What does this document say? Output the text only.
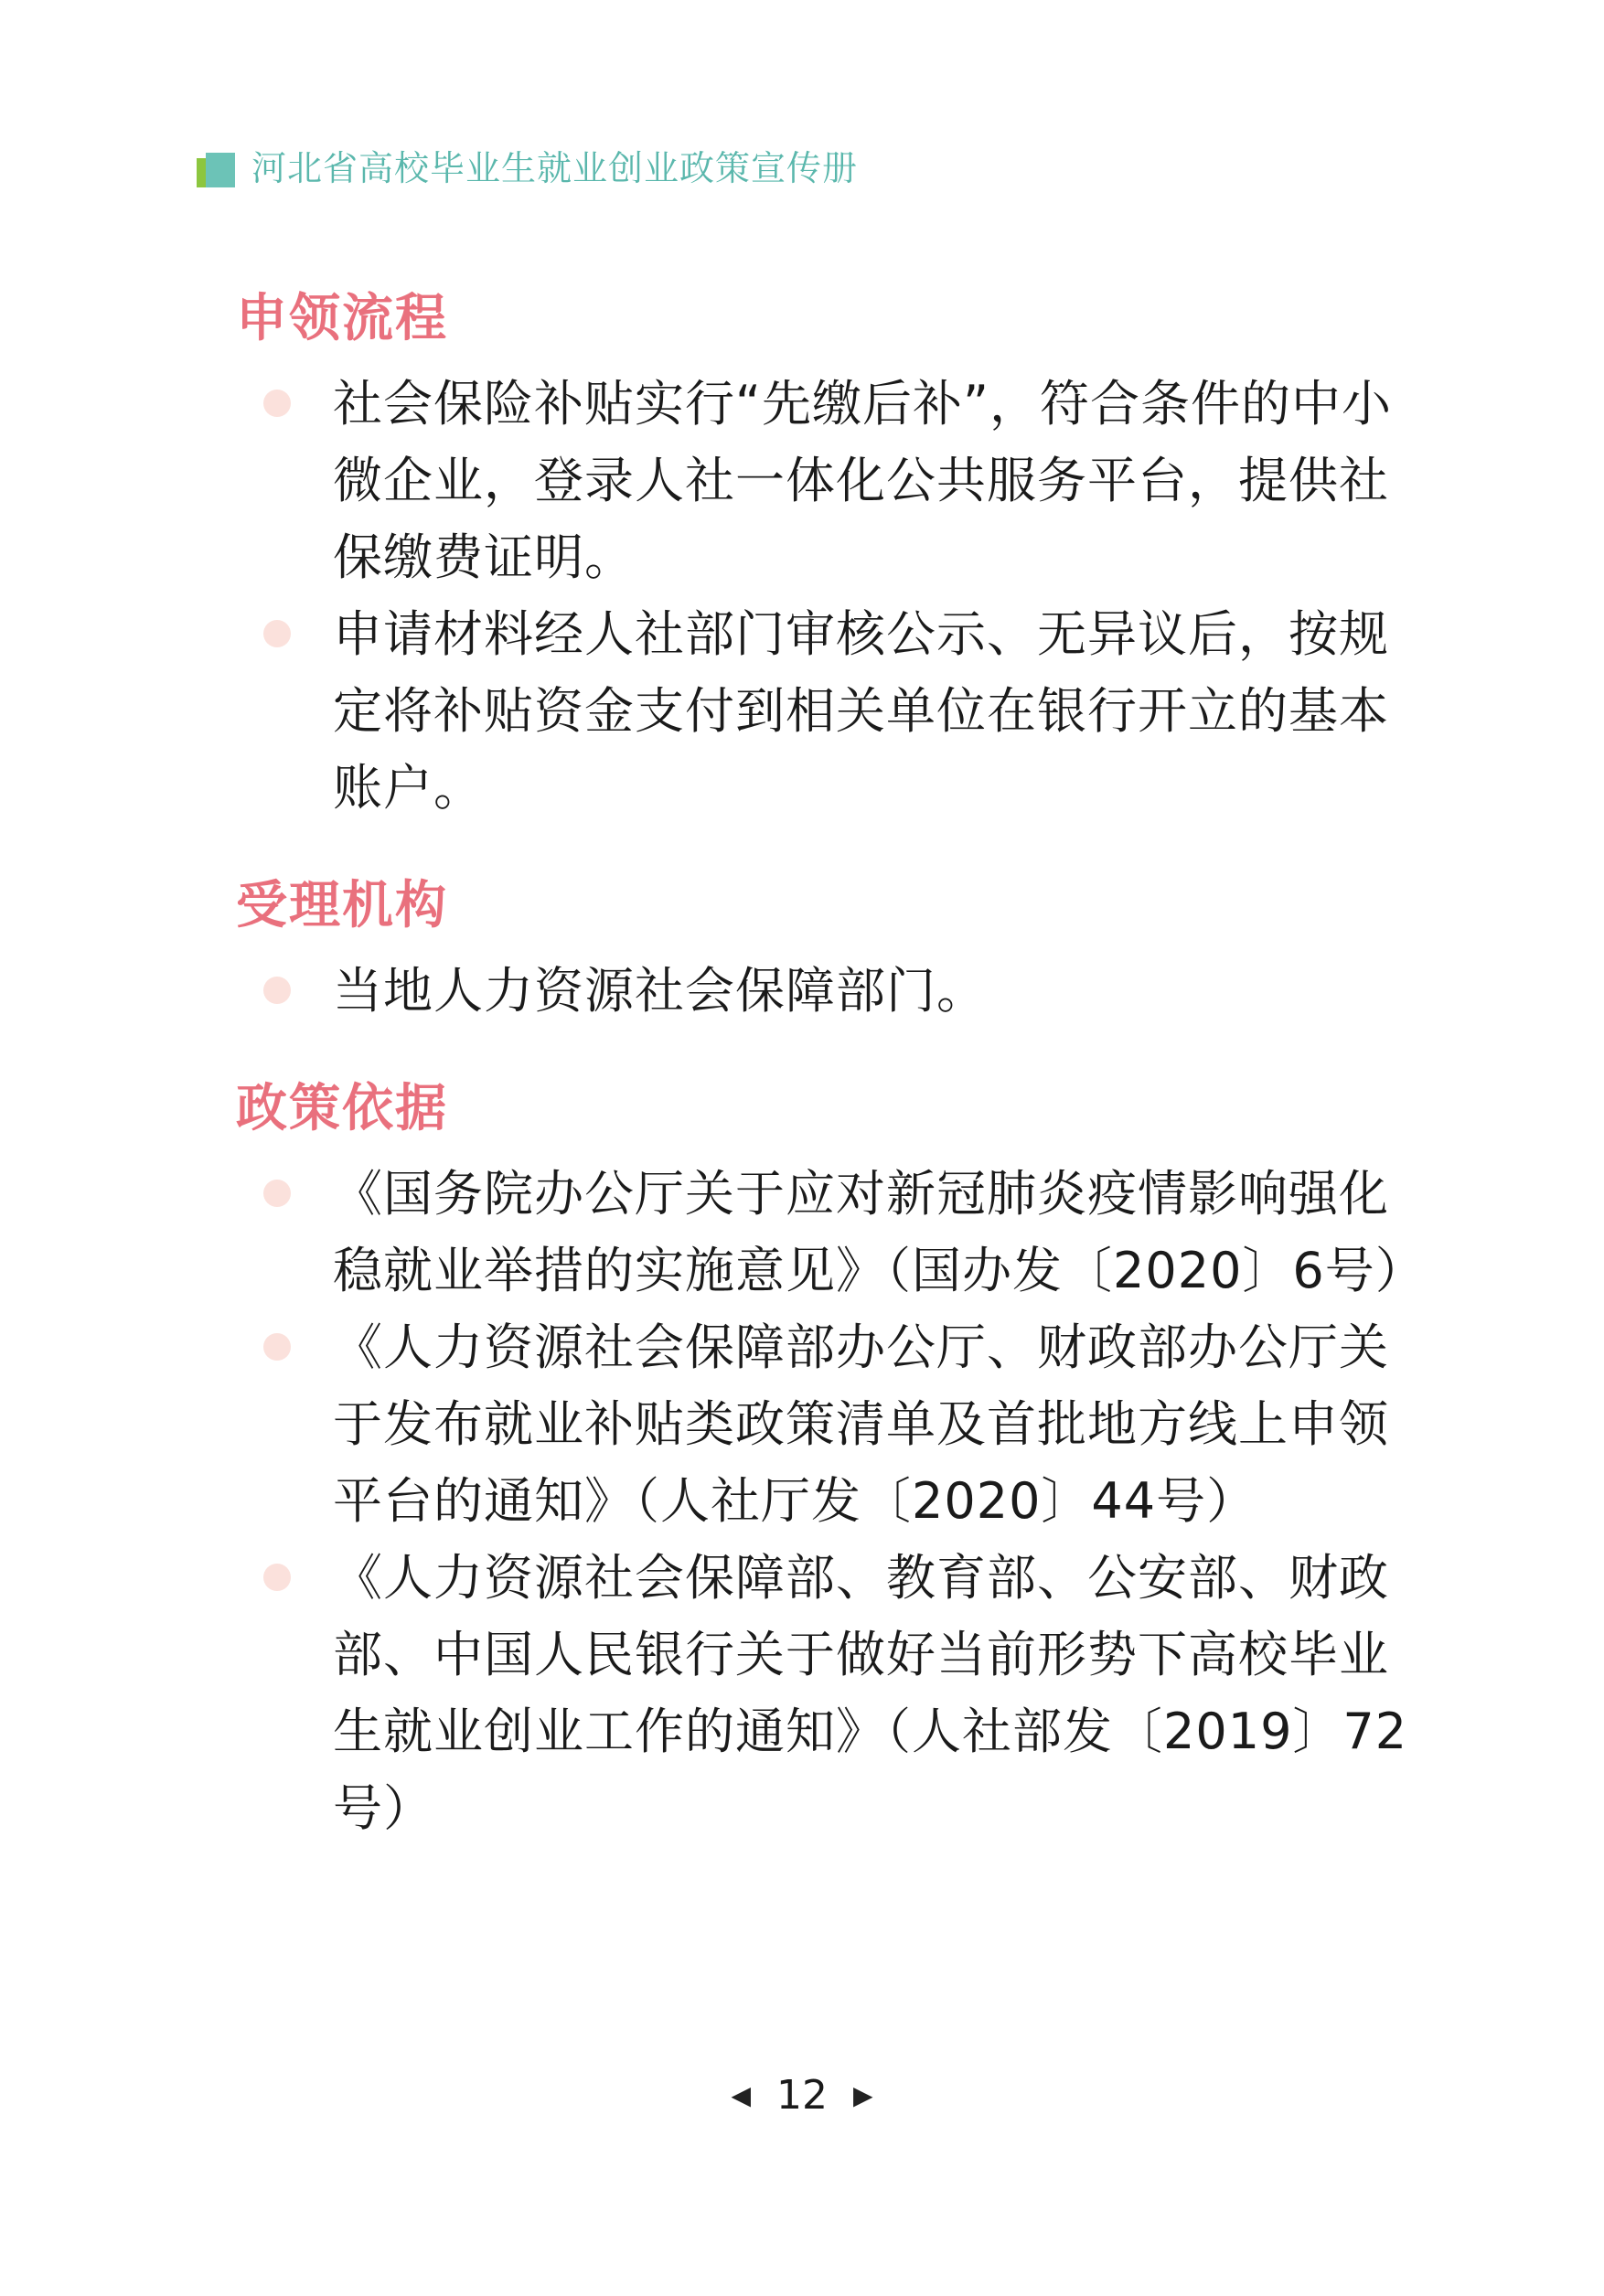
河北省高校毕业生就业创业政策宣传册
申领流程
社会保险补贴实行“先缴后补”，符合条件的中小微企业，登录人社一体化公共服务平台，提供社保缴费证明。
申请材料经人社部门审核公示、无异议后，按规定将补贴资金支付到相关单位在银行开立的基本账户。
受理机构
当地人力资源社会保障部门。
政策依据
《国务院办公厅关于应对新冠肺炎疫情影响强化稳就业举措的实施意见》（国办发〔2020〕6号）
《人力资源社会保障部办公厅、财政部办公厅关于发布就业补贴类政策清单及首批地方线上申领平台的通知》（人社厅发〔2020〕44号）
《人力资源社会保障部、教育部、公安部、财政部、中国人民银行关于做好当前形势下高校毕业生就业创业工作的通知》（人社部发〔2019〕72号）
◀ 12 ▶
